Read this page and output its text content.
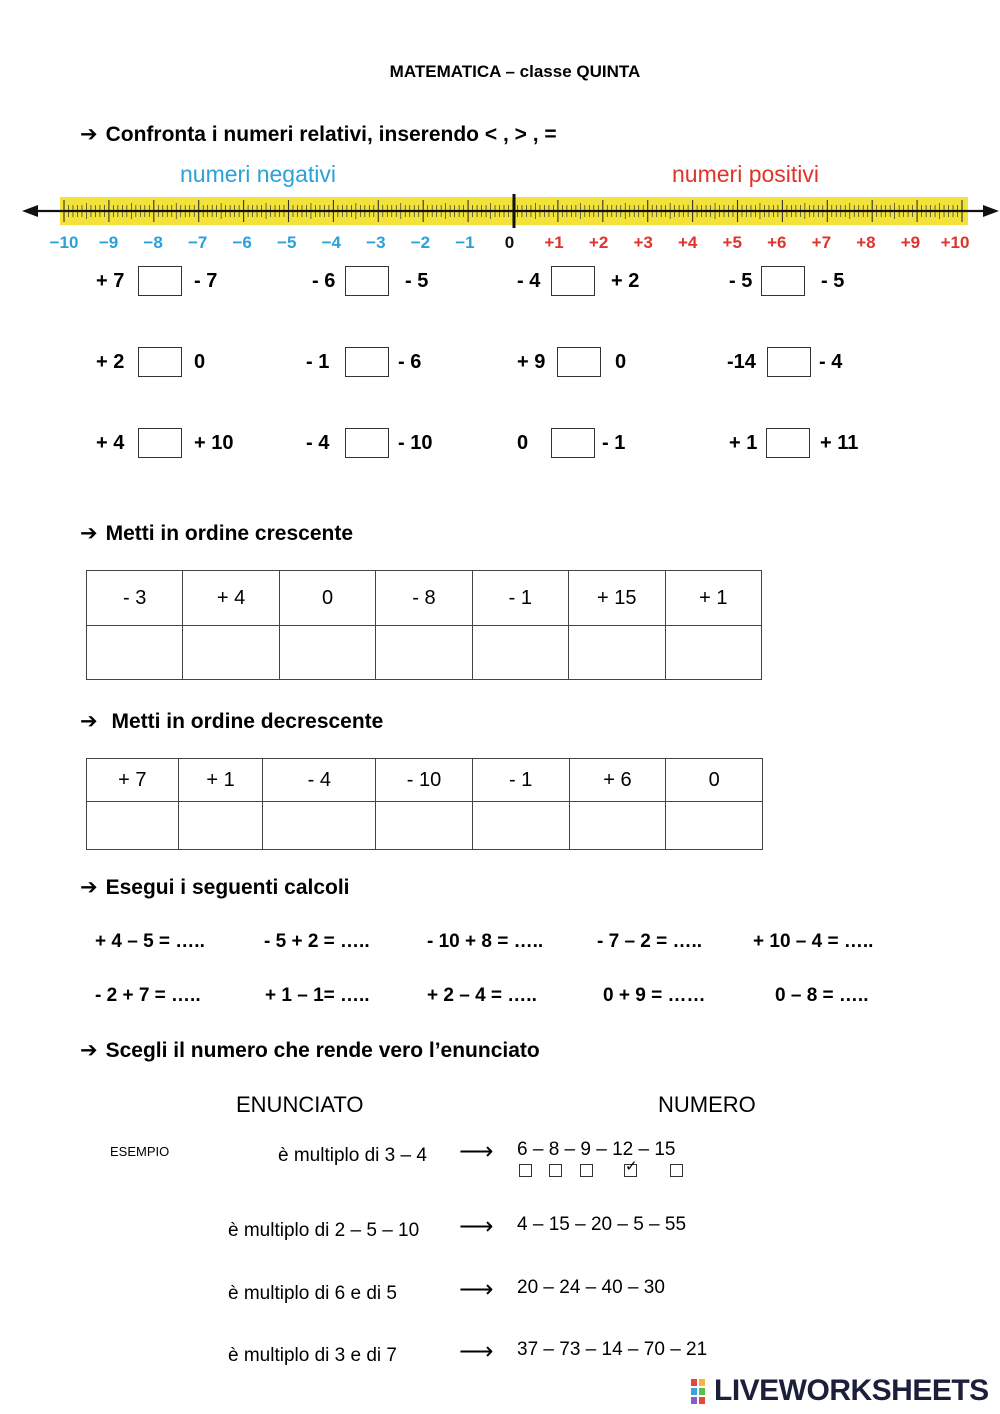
MATEMATICA – classe QUINTA
➔ Confronta i numeri relativi, inserendo < , > , =
numeri negativi	numeri positivi
−10 −9 −8 −7 −6 −5 −4 −3 −2 −1 0 +1 +2 +3 +4 +5 +6 +7 +8 +9 +10
+ 7	- 7	- 6	- 5	- 4	+ 2	- 5	- 5
+ 2	0	- 1	- 6	+ 9	0	-14	- 4
+ 4	+ 10	- 4	- 10	0	- 1	+ 1	+ 11
➔ Metti in ordine crescente
- 3	+ 4	0	- 8	- 1	+ 15	+ 1

➔ Metti in ordine decrescente
+ 7	+ 1	- 4	- 10	- 1	+ 6	0

➔ Esegui i seguenti calcoli
+ 4 – 5 = …..	- 5 + 2 = …..	- 10 + 8 = …..	- 7 – 2 = …..	+ 10 – 4 = …..
- 2 + 7 = …..	+ 1 – 1= …..	+ 2 – 4 = …..	0 + 9 = ……	0 – 8 = …..
➔ Scegli il numero che rende vero l’enunciato
ENUNCIATO	NUMERO
ESEMPIO	è multiplo di 3 – 4 ⟶ 6 – 8 – 9 – 12 – 15
✓
è multiplo di 2 – 5 – 10 ⟶ 4 – 15 – 20 – 5 – 55
è multiplo di 6 e di 5	⟶ 20 – 24 – 40 – 30
è multiplo di 3 e di 7	⟶ 37 – 73 – 14 – 70 – 21
LIVEWORKSHEETS
